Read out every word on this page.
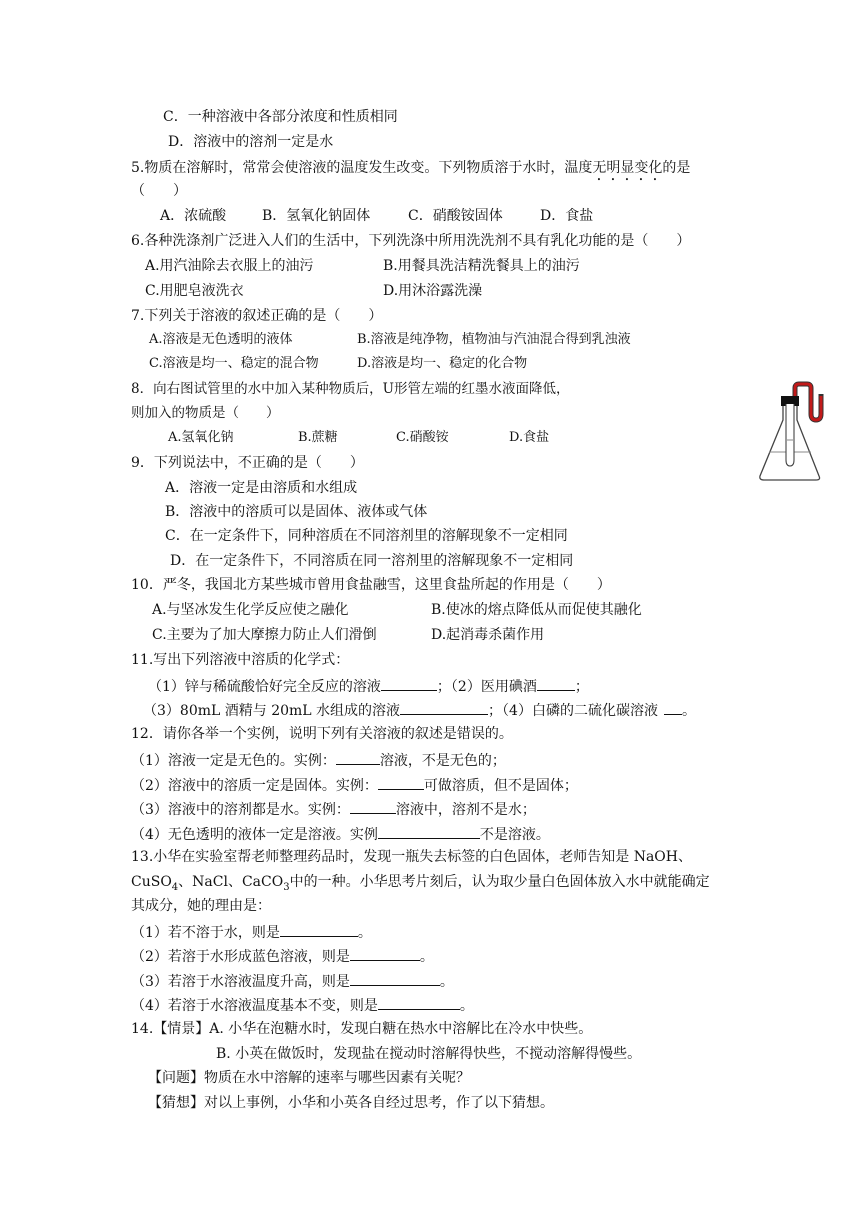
C．一种溶液中各部分浓度和性质相同
D．溶液中的溶剂一定是水
5.物质在溶解时，常常会使溶液的温度发生改变。下列物质溶于水时，温度无明显变化的是
（　　）
A．浓硫酸	B．氢氧化钠固体	C．硝酸铵固体	D．食盐
6.各种洗涤剂广泛进入人们的生活中，下列洗涤中所用洗洗剂不具有乳化功能的是（　　）
A.用汽油除去衣服上的油污	B.用餐具洗洁精洗餐具上的油污
C.用肥皂液洗衣	D.用沐浴露洗澡
7.下列关于溶液的叙述正确的是（　　）
A.溶液是无色透明的液体	B.溶液是纯净物，植物油与汽油混合得到乳浊液
C.溶液是均一、稳定的混合物	D.溶液是均一、稳定的化合物
8．向右图试管里的水中加入某种物质后，U形管左端的红墨水液面降低，
则加入的物质是（　　）
A.氢氧化钠	B.蔗糖	C.硝酸铵	D.食盐
9．下列说法中，不正确的是（　　）
A．溶液一定是由溶质和水组成
B．溶液中的溶质可以是固体、液体或气体
C．在一定条件下，同种溶质在不同溶剂里的溶解现象不一定相同
D．在一定条件下，不同溶质在同一溶剂里的溶解现象不一定相同
10．严冬，我国北方某些城市曾用食盐融雪，这里食盐所起的作用是（　　）
A.与坚冰发生化学反应使之融化	B.使冰的熔点降低从而促使其融化
C.主要为了加大摩擦力防止人们滑倒	D.起消毒杀菌作用
11.写出下列溶液中溶质的化学式：
（1）锌与稀硫酸恰好完全反应的溶液	；（2）医用碘酒	；
（3）80mL 酒精与 20mL 水组成的溶液	；（4）白磷的二硫化碳溶液 。
12．请你各举一个实例，说明下列有关溶液的叙述是错误的。
（1）溶液一定是无色的。实例：	溶液，不是无色的；
（2）溶液中的溶质一定是固体。实例：	可做溶质，但不是固体；
（3）溶液中的溶剂都是水。实例：	溶液中，溶剂不是水；
（4）无色透明的液体一定是溶液。实例	不是溶液。
13.小华在实验室帮老师整理药品时，发现一瓶失去标签的白色固体，老师告知是 NaOH、
CuSO$_4$、NaCl、CaCO$_3$中的一种。小华思考片刻后，认为取少量白色固体放入水中就能确定
其成分，她的理由是：
（1）若不溶于水，则是	。
（2）若溶于水形成蓝色溶液，则是	。
（3）若溶于水溶液温度升高，则是	。
（4）若溶于水溶液温度基本不变，则是	。
14.【情景】A. 小华在泡糖水时，发现白糖在热水中溶解比在冷水中快些。
B. 小英在做饭时，发现盐在搅动时溶解得快些，不搅动溶解得慢些。
【问题】物质在水中溶解的速率与哪些因素有关呢？
【猜想】对以上事例，小华和小英各自经过思考，作了以下猜想。
